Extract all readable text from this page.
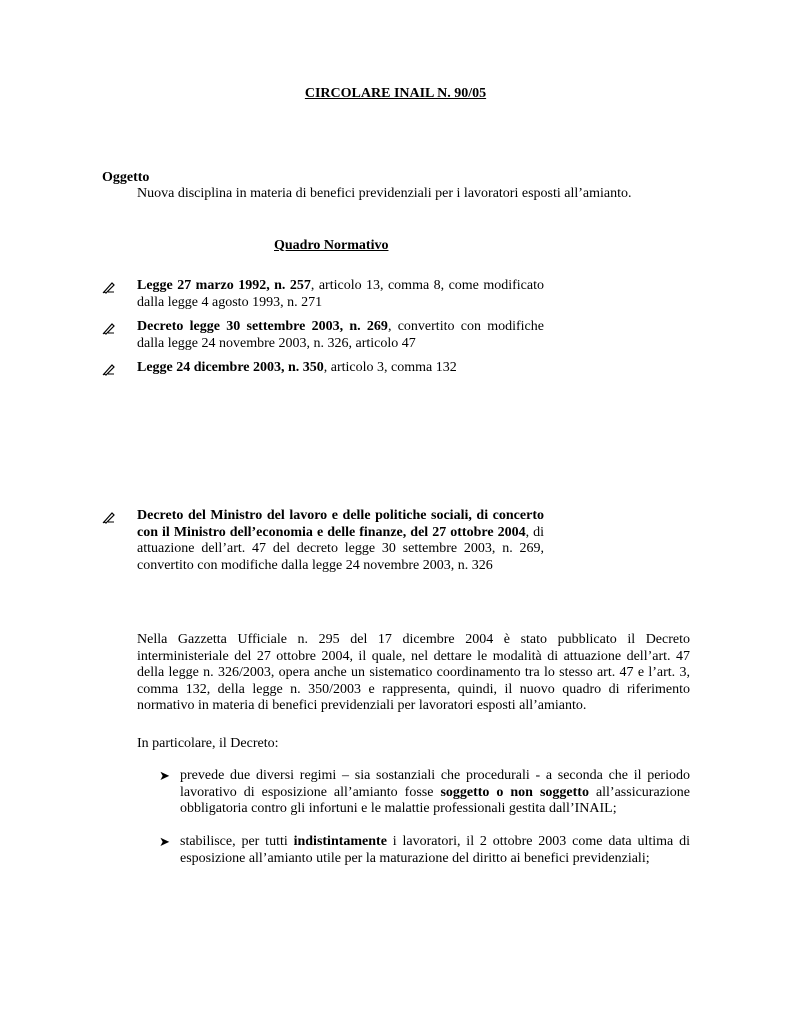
CIRCOLARE INAIL N. 90/05
Oggetto
Nuova disciplina in materia di benefici previdenziali per i lavoratori esposti all’amianto.
Quadro Normativo
Legge 27 marzo 1992, n. 257, articolo 13, comma 8, come modificato dalla legge 4 agosto 1993, n. 271
Decreto legge 30 settembre 2003, n. 269, convertito con modifiche dalla legge 24 novembre 2003, n. 326, articolo 47
Legge 24 dicembre 2003, n. 350, articolo 3, comma 132
Decreto del Ministro del lavoro e delle politiche sociali, di concerto con il Ministro dell’economia e delle finanze, del 27 ottobre 2004, di attuazione dell’art. 47 del decreto legge 30 settembre 2003, n. 269, convertito con modifiche dalla legge 24 novembre 2003, n. 326
Nella Gazzetta Ufficiale n. 295 del 17 dicembre 2004 è stato pubblicato il Decreto interministeriale del 27 ottobre 2004, il quale, nel dettare le modalità di attuazione dell’art. 47 della legge n. 326/2003, opera anche un sistematico coordinamento tra lo stesso art. 47 e l’art. 3, comma 132, della legge n. 350/2003 e rappresenta, quindi, il nuovo quadro di riferimento normativo in materia di benefici previdenziali per lavoratori esposti all’amianto.
In particolare, il Decreto:
➤ prevede due diversi regimi – sia sostanziali che procedurali - a seconda che il periodo lavorativo di esposizione all’amianto fosse soggetto o non soggetto all’assicurazione obbligatoria contro gli infortuni e le malattie professionali gestita dall’INAIL;
➤ stabilisce, per tutti indistintamente i lavoratori, il 2 ottobre 2003 come data ultima di esposizione all’amianto utile per la maturazione del diritto ai benefici previdenziali;
